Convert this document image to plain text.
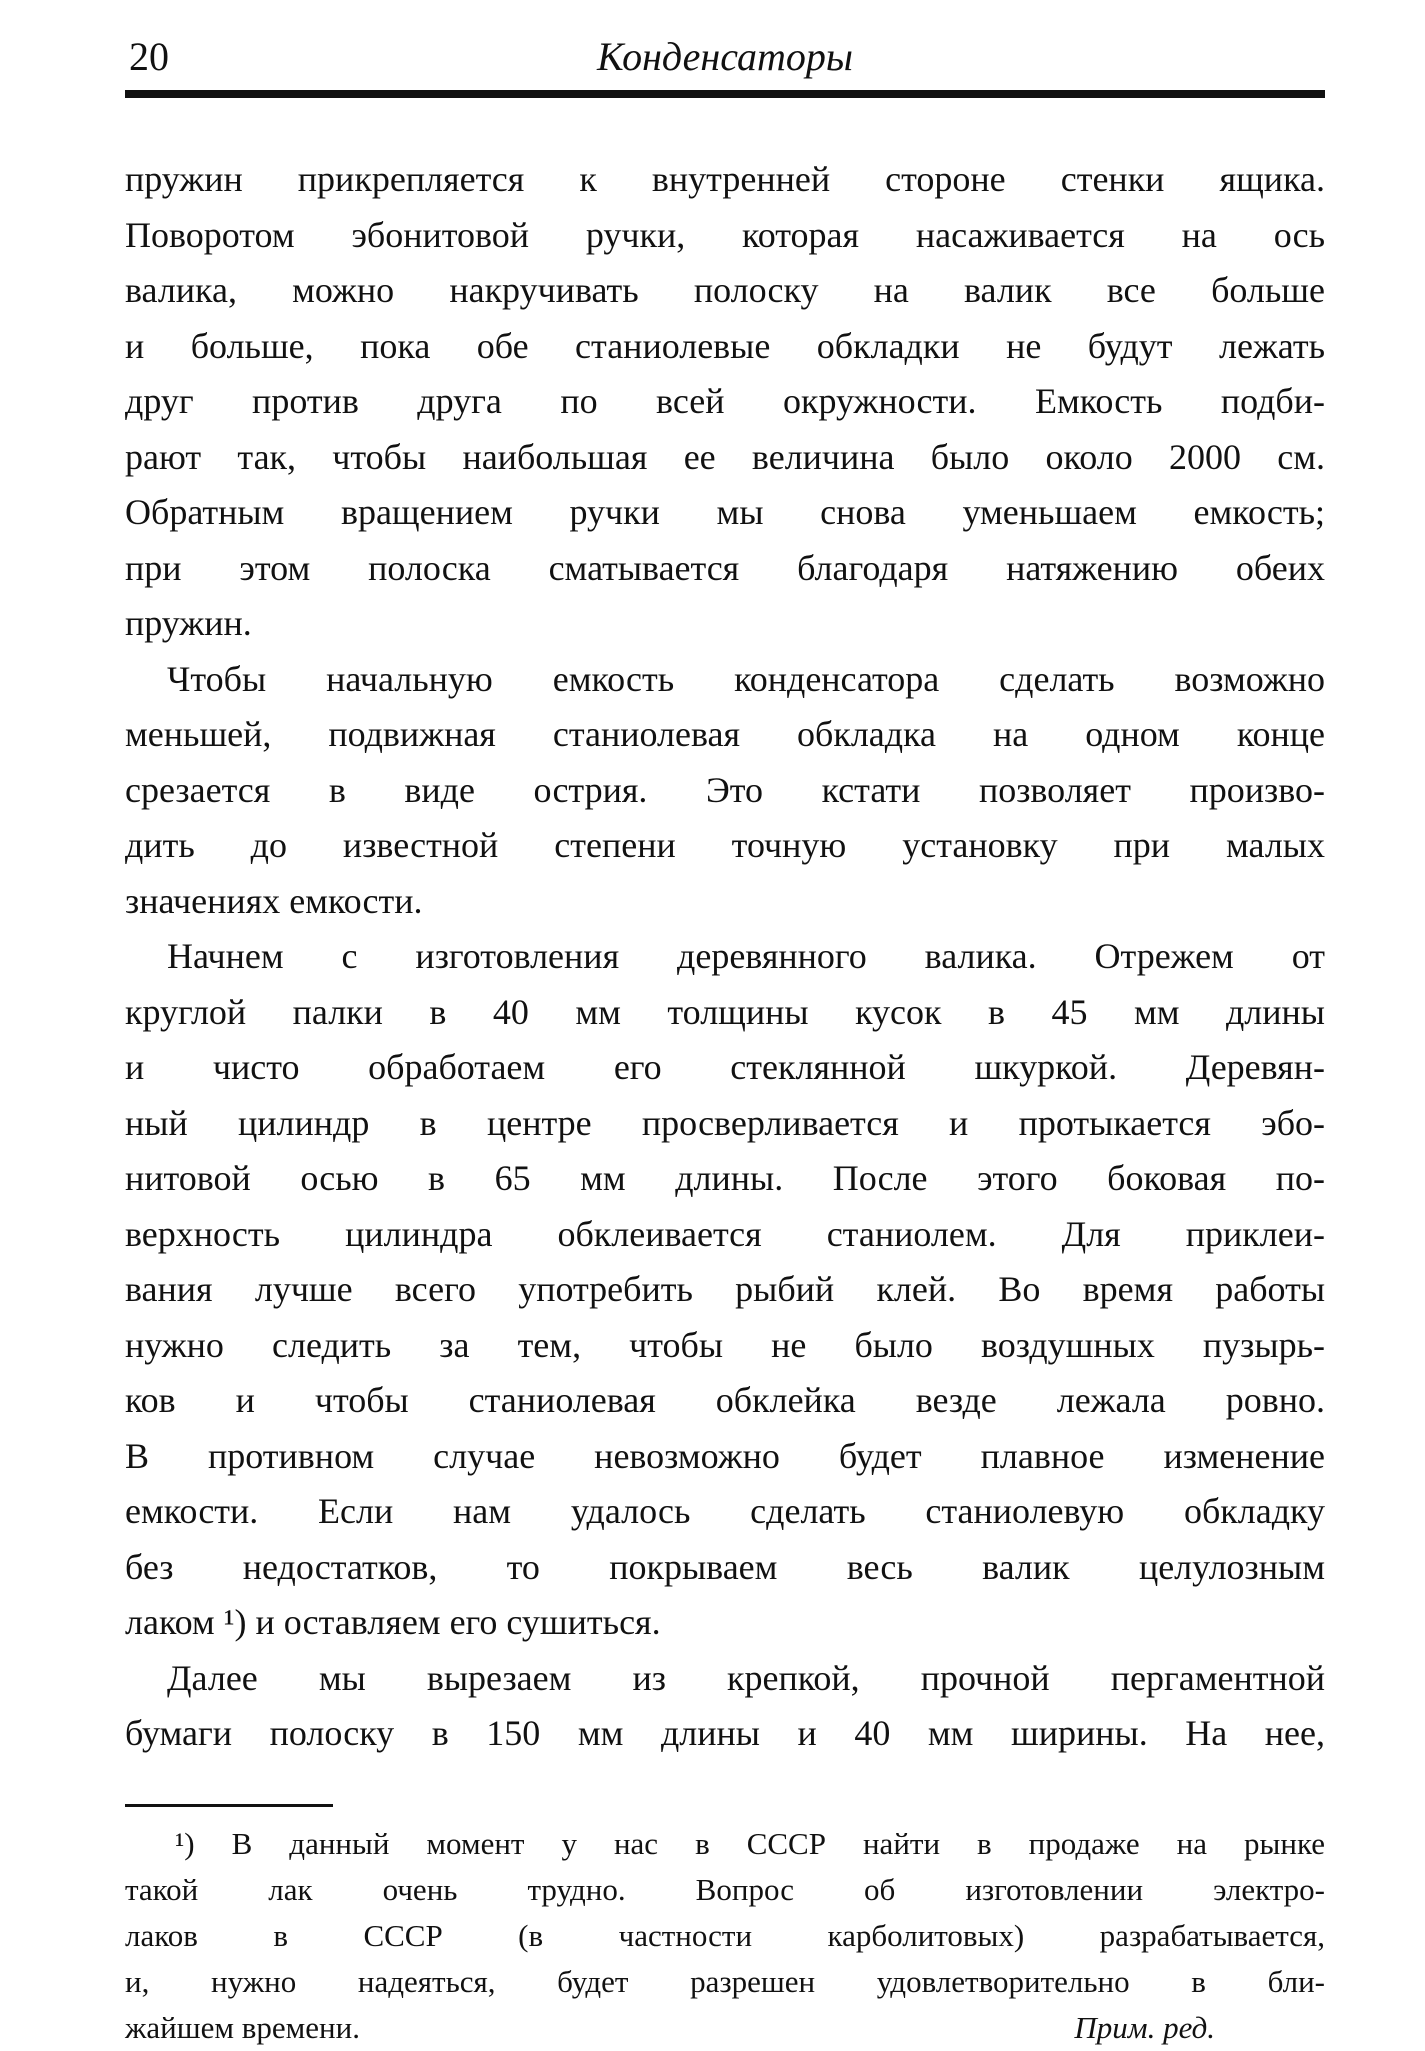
20	Конденсаторы

пружин прикрепляется к внутренней стороне стенки ящика.
Поворотом эбонитовой ручки, которая насаживается на ось
валика, можно накручивать полоску на валик все больше
и больше, пока обе станиолевые обкладки не будут лежать
друг против друга по всей окружности. Емкость подби-
рают так, чтобы наибольшая ее величина было около 2000 см.
Обратным вращением ручки мы снова уменьшаем емкость;
при этом полоска сматывается благодаря натяжению обеих
пружин.

Чтобы начальную емкость конденсатора сделать возможно
меньшей, подвижная станиолевая обкладка на одном конце
срезается в виде острия. Это кстати позволяет произво-
дить до известной степени точную установку при малых
значениях емкости.

Начнем с изготовления деревянного валика. Отрежем от
круглой палки в 40 мм толщины кусок в 45 мм длины
и чисто обработаем его стеклянной шкуркой. Деревян-
ный цилиндр в центре просверливается и протыкается эбо-
нитовой осью в 65 мм длины. После этого боковая по-
верхность цилиндра обклеивается станиолем. Для приклеи-
вания лучше всего употребить рыбий клей. Во время работы
нужно следить за тем, чтобы не было воздушных пузырь-
ков и чтобы станиолевая обклейка везде лежала ровно.
В противном случае невозможно будет плавное изменение
емкости. Если нам удалось сделать станиолевую обкладку
без недостатков, то покрываем весь валик целулозным
лаком ¹) и оставляем его сушиться.

Далее мы вырезаем из крепкой, прочной пергаментной
бумаги полоску в 150 мм длины и 40 мм ширины. На нее,

¹) В данный момент у нас в СССР найти в продаже на рынке
такой лак очень трудно. Вопрос об изготовлении электро-
лаков в СССР (в частности карболитовых) разрабатывается,
и, нужно надеяться, будет разрешен удовлетворительно в бли-
жайшем времени.	Прим. ред.
